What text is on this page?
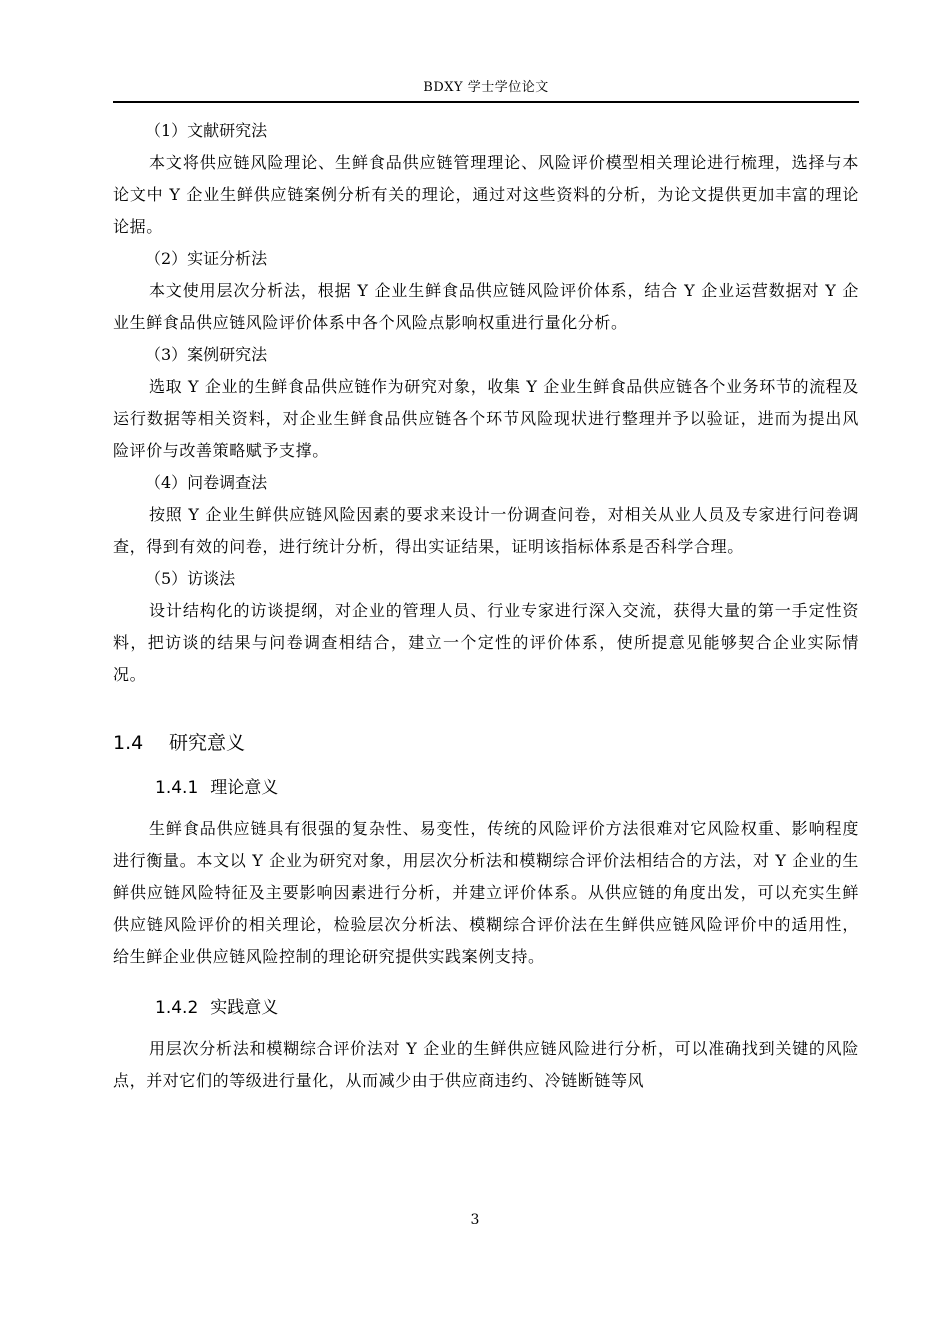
BDXY 学士学位论文
（1）文献研究法
本文将供应链风险理论、生鲜食品供应链管理理论、风险评价模型相关理论进行梳理，选择与本论文中 Y 企业生鲜供应链案例分析有关的理论，通过对这些资料的分析，为论文提供更加丰富的理论论据。
（2）实证分析法
本文使用层次分析法，根据 Y 企业生鲜食品供应链风险评价体系，结合 Y 企业运营数据对 Y 企业生鲜食品供应链风险评价体系中各个风险点影响权重进行量化分析。
（3）案例研究法
选取 Y 企业的生鲜食品供应链作为研究对象，收集 Y 企业生鲜食品供应链各个业务环节的流程及运行数据等相关资料，对企业生鲜食品供应链各个环节风险现状进行整理并予以验证，进而为提出风险评价与改善策略赋予支撑。
（4）问卷调查法
按照 Y 企业生鲜供应链风险因素的要求来设计一份调查问卷，对相关从业人员及专家进行问卷调查，得到有效的问卷，进行统计分析，得出实证结果，证明该指标体系是否科学合理。
（5）访谈法
设计结构化的访谈提纲，对企业的管理人员、行业专家进行深入交流，获得大量的第一手定性资料，把访谈的结果与问卷调查相结合，建立一个定性的评价体系，使所提意见能够契合企业实际情况。
1.4 研究意义
1.4.1 理论意义
生鲜食品供应链具有很强的复杂性、易变性，传统的风险评价方法很难对它风险权重、影响程度进行衡量。本文以 Y 企业为研究对象，用层次分析法和模糊综合评价法相结合的方法，对 Y 企业的生鲜供应链风险特征及主要影响因素进行分析，并建立评价体系。从供应链的角度出发，可以充实生鲜供应链风险评价的相关理论，检验层次分析法、模糊综合评价法在生鲜供应链风险评价中的适用性，给生鲜企业供应链风险控制的理论研究提供实践案例支持。
1.4.2 实践意义
用层次分析法和模糊综合评价法对 Y 企业的生鲜供应链风险进行分析，可以准确找到关键的风险点，并对它们的等级进行量化，从而减少由于供应商违约、冷链断链等风
3
